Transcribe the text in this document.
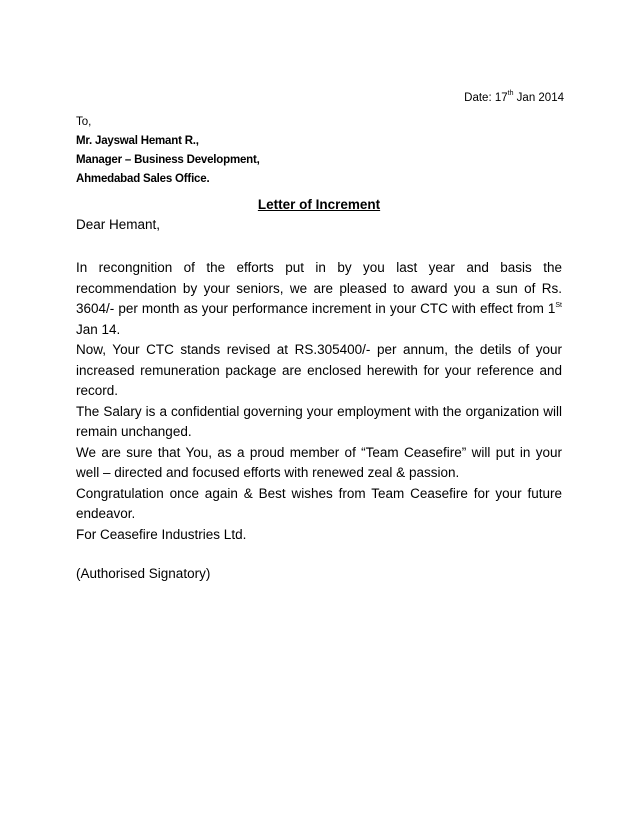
Date: 17th Jan 2014
To,
Mr. Jayswal Hemant R.,
Manager – Business Development,
Ahmedabad Sales Office.
Letter of Increment
Dear Hemant,

In recongnition of the efforts put in by you last year and basis the recommendation by your seniors, we are pleased to award you a sun of Rs. 3604/- per month as your performance increment in your CTC with effect from 1St Jan 14.

Now, Your CTC stands revised at RS.305400/- per annum, the detils of your increased remuneration package are enclosed herewith for your reference and record.

The Salary is a confidential governing your employment with the organization will remain unchanged.

We are sure that You, as a proud member of “Team Ceasefire” will put in your well – directed and focused efforts with renewed zeal & passion.

Congratulation once again & Best wishes from Team Ceasefire for your future endeavor.

For Ceasefire Industries Ltd.

(Authorised Signatory)
